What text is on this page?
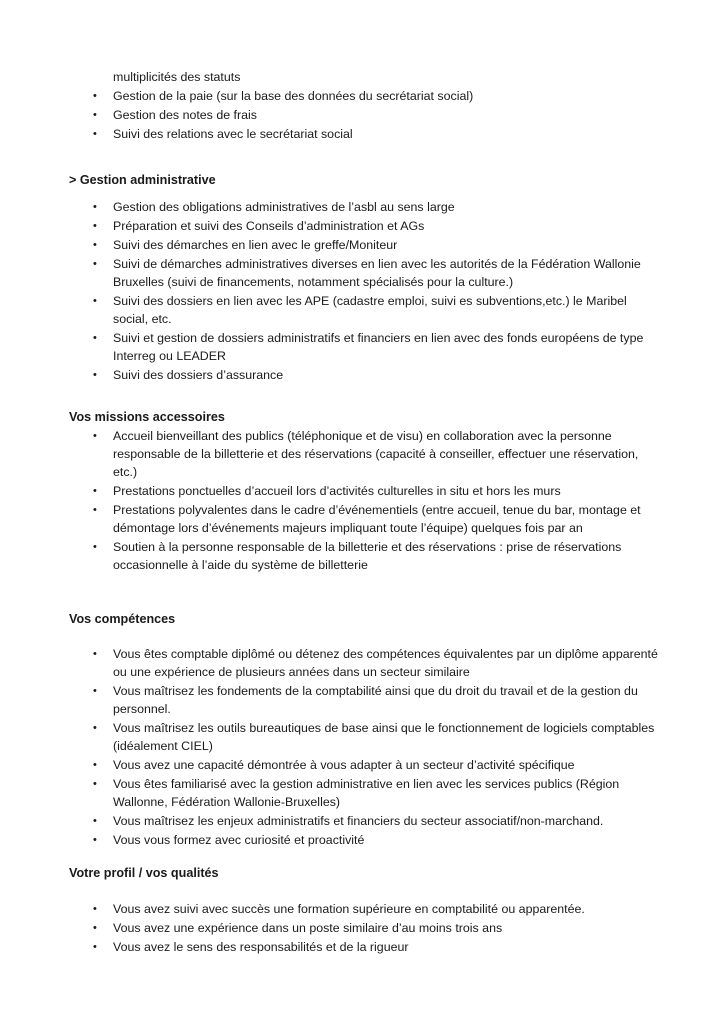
multiplicités des statuts
• Gestion de la paie (sur la base des données du secrétariat social)
• Gestion des notes de frais
• Suivi des relations avec le secrétariat social
> Gestion administrative
• Gestion des obligations administratives de l’asbl au sens large
• Préparation et suivi des Conseils d’administration et AGs
• Suivi des démarches en lien avec le greffe/Moniteur
• Suivi de démarches administratives diverses en lien avec les autorités de la Fédération Wallonie Bruxelles (suivi de financements, notamment spécialisés pour la culture.)
• Suivi des dossiers en lien avec les APE (cadastre emploi, suivi es subventions,etc.) le Maribel social, etc.
• Suivi et gestion de dossiers administratifs et financiers en lien avec des fonds européens de type Interreg ou LEADER
• Suivi des dossiers d’assurance
Vos missions accessoires
• Accueil bienveillant des publics (téléphonique et de visu) en collaboration avec la personne responsable de la billetterie et des réservations (capacité à conseiller, effectuer une réservation, etc.)
• Prestations ponctuelles d’accueil lors d’activités culturelles in situ et hors les murs
• Prestations polyvalentes dans le cadre d’événementiels (entre accueil, tenue du bar, montage et démontage lors d’événements majeurs impliquant toute l’équipe) quelques fois par an
• Soutien à la personne responsable de la billetterie et des réservations : prise de réservations occasionnelle à l’aide du système de billetterie
Vos compétences
• Vous êtes comptable diplômé ou détenez des compétences équivalentes par un diplôme apparenté ou une expérience de plusieurs années dans un secteur similaire
• Vous maîtrisez les fondements de la comptabilité ainsi que du droit du travail et de la gestion du personnel.
• Vous maîtrisez les outils bureautiques de base ainsi que le fonctionnement de logiciels comptables (idéalement CIEL)
• Vous avez une capacité démontrée à vous adapter à un secteur d’activité spécifique
• Vous êtes familiarisé avec la gestion administrative en lien avec les services publics (Région Wallonne, Fédération Wallonie-Bruxelles)
• Vous maîtrisez les enjeux administratifs et financiers du secteur associatif/non-marchand.
• Vous vous formez avec curiosité et proactivité
Votre profil / vos qualités
• Vous avez suivi avec succès une formation supérieure en comptabilité ou apparentée.
• Vous avez une expérience dans un poste similaire d’au moins trois ans
• Vous avez le sens des responsabilités et de la rigueur
